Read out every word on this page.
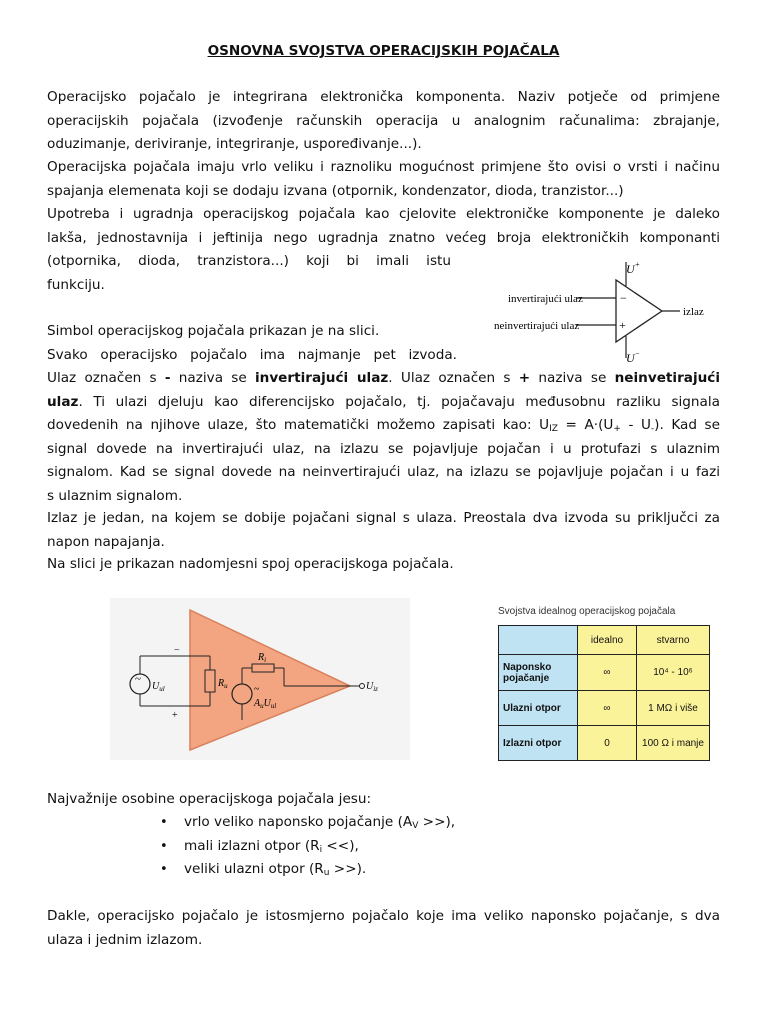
OSNOVNA SVOJSTVA OPERACIJSKIH POJAČALA
Operacijsko pojačalo je integrirana elektronička komponenta. Naziv potječe od primjene
operacijskih pojačala (izvođenje računskih operacija u analognim računalima: zbrajanje,
oduzimanje, deriviranje, integriranje, uspoređivanje...).
Operacijska pojačala imaju vrlo veliku i raznoliku mogućnost primjene što ovisi o vrsti i načinu
spajanja elemenata koji se dodaju izvana (otpornik, kondenzator, dioda, tranzistor...)
Upotreba i ugradnja operacijskog pojačala kao cjelovite elektroničke komponente je daleko
lakša, jednostavnija i jeftinija nego ugradnja znatno većeg broja elektroničkih komponanti
(otpornika, dioda, tranzistora...) koji bi imali istu
funkciju.
Simbol operacijskog pojačala prikazan je na slici.
Svako operacijsko pojačalo ima najmanje pet izvoda.
Ulaz označen s - naziva se invertirajući ulaz. Ulaz označen s + naziva se neinvetirajući
ulaz. Ti ulazi djeluju kao diferencijsko pojačalo, tj. pojačavaju međusobnu razliku signala
dovedenih na njihove ulaze, što matematički možemo zapisati kao: $U_{IZ} = A\cdot(U_+ - U_-)$. Kad se
signal dovede na invertirajući ulaz, na izlazu se pojavljuje pojačan i u protufazi s ulaznim
signalom. Kad se signal dovede na neinvertirajući ulaz, na izlazu se pojavljuje pojačan i u fazi
s ulaznim signalom.
Izlaz je jedan, na kojem se dobije pojačani signal s ulaza. Preostala dva izvoda su priključci za
napon napajanja.
Na slici je prikazan nadomjesni spoj operacijskoga pojačala.
Najvažnije osobine operacijskoga pojačala jesu:
• vrlo veliko naponsko pojačanje ($A_V$ >>),
• mali izlazni otpor ($R_i$ <<),
• veliki ulazni otpor ($R_u$ >>).
Dakle, operacijsko pojačalo je istosmjerno pojačalo koje ima veliko naponsko pojačanje, s dva
ulaza i jednim izlazom.
−
+
U+
U−
invertirajući ulaz
neinvertirajući ulaz
izlaz
~
−
+
$U_{ul}$	$R_u$
$R_i$
~
$A_uU_{ul}$
$U_{iz}$
Svojstva idealnog operacijskog pojačala
	idealno	stvarno
Naponsko pojačanje	∞	10⁴ - 10⁶
Ulazni otpor	∞	1 MΩ i više
Izlazni otpor	0	100 Ω i manje
